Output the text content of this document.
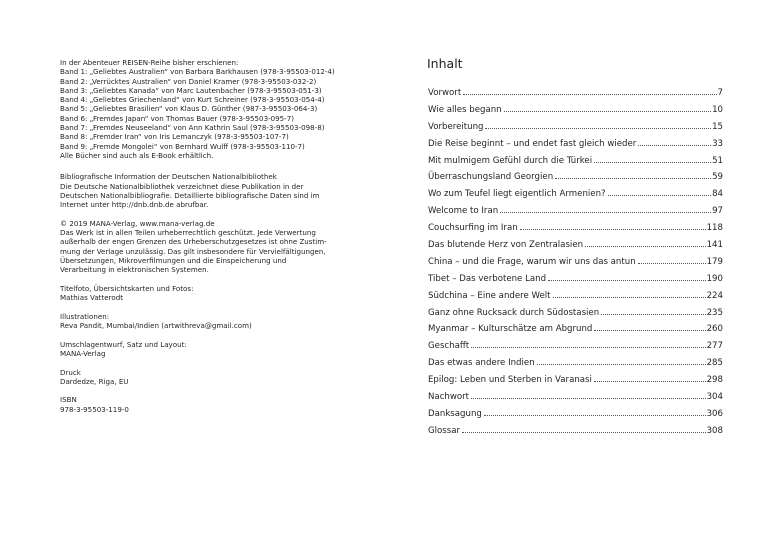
In der Abenteuer REISEN-Reihe bisher erschienen:
Band 1: „Geliebtes Australien“ von Barbara Barkhausen (978-3-95503-012-4)
Band 2: „Verrücktes Australien“ von Daniel Kramer (978-3-95503-032-2)
Band 3: „Geliebtes Kanada“ von Marc Lautenbacher (978-3-95503-051-3)
Band 4: „Geliebtes Griechenland“ von Kurt Schreiner (978-3-95503-054-4)
Band 5: „Geliebtes Brasilien“ von Klaus D. Günther (987-3-95503-064-3)
Band 6: „Fremdes Japan“ von Thomas Bauer (978-3-95503-095-7)
Band 7: „Fremdes Neuseeland“ von Ann Kathrin Saul (978-3-95503-098-8)
Band 8: „Fremder Iran“ von Iris Lemanczyk (978-3-95503-107-7)
Band 9: „Fremde Mongolei“ von Bernhard Wulff (978-3-95503-110-7)
Alle Bücher sind auch als E-Book erhältlich.
Bibliografische Information der Deutschen Nationalbibliothek
Die Deutsche Nationalbibliothek verzeichnet diese Publikation in der
Deutschen Nationalbibliografie. Detaillierte bibliografische Daten sind im
Internet unter http://dnb.dnb.de abrufbar.
© 2019 MANA-Verlag, www.mana-verlag.de
Das Werk ist in allen Teilen urheberrechtlich geschützt. Jede Verwertung
außerhalb der engen Grenzen des Urheberschutzgesetzes ist ohne Zustim-
mung der Verlage unzulässig. Das gilt insbesondere für Vervielfältigungen,
Übersetzungen, Mikroverfilmungen und die Einspeicherung und
Verarbeitung in elektronischen Systemen.
Titelfoto, Übersichtskarten und Fotos:
Mathias Vatterodt
Illustrationen:
Reva Pandit, Mumbai/Indien (artwithreva@gmail.com)
Umschlagentwurf, Satz und Layout:
MANA-Verlag
Druck
Dardedze, Riga, EU
ISBN
978-3-95503-119-0
Inhalt
Vorwort	7
Wie alles begann	10
Vorbereitung	15
Die Reise beginnt – und endet fast gleich wieder	33
Mit mulmigem Gefühl durch die Türkei	51
Überraschungsland Georgien	59
Wo zum Teufel liegt eigentlich Armenien?	84
Welcome to Iran	97
Couchsurfing im Iran	118
Das blutende Herz von Zentralasien	141
China – und die Frage, warum wir uns das antun	179
Tibet – Das verbotene Land	190
Südchina – Eine andere Welt	224
Ganz ohne Rucksack durch Südostasien	235
Myanmar – Kulturschätze am Abgrund	260
Geschafft	277
Das etwas andere Indien	285
Epilog: Leben und Sterben in Varanasi	298
Nachwort	304
Danksagung	306
Glossar	308
